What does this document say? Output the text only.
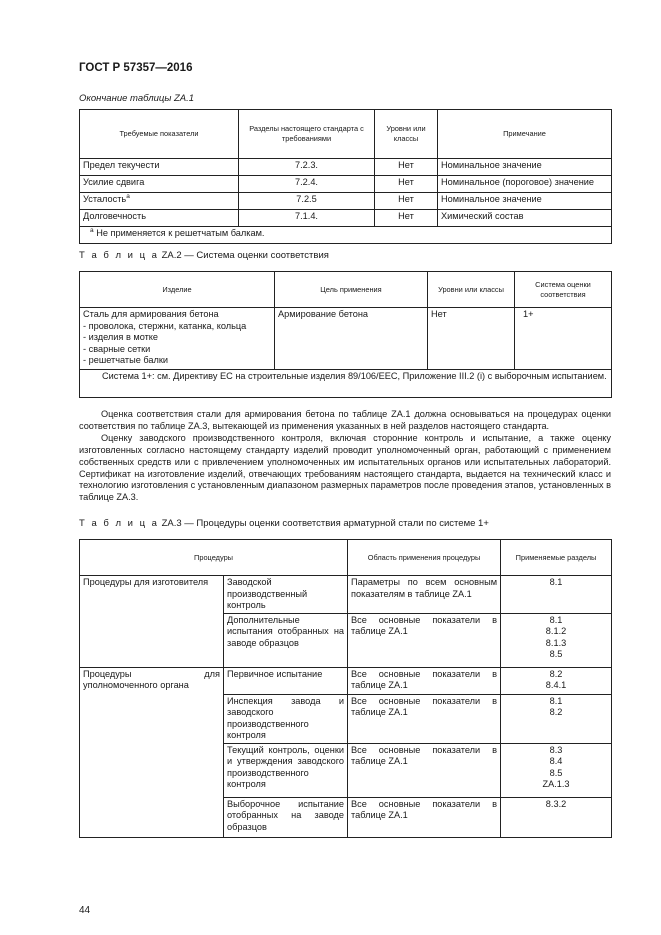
ГОСТ Р 57357—2016
Окончание таблицы ZA.1
Требуемые показатели	Разделы настоящего стандарта с требованиями	Уровни или классы	Примечание
Предел текучести	7.2.3.	Нет	Номинальное значение
Усилие сдвига	7.2.4.	Нет	Номинальное (пороговое) значение
Усталость$^а$	7.2.5	Нет	Номинальное значение
Долговечность	7.1.4.	Нет	Химический состав
$^а$ Не применяется к решетчатым балкам.			
Т а б л и ц а ZA.2 — Система оценки соответствия
Изделие	Цель применения	Уровни или классы	Система оценки соответствия

Сталь для армирования бетона
- проволока, стержни, катанка, кольца
- изделия в мотке
- сварные сетки
- решетчатые балки	Армирование бетона	Нет	1+
Система 1+: см. Директиву ЕС на строительные изделия 89/106/ЕЕС, Приложение III.2 (i) с выборочным испытанием.			

Оценка соответствия стали для армирования бетона по таблице ZA.1 должна основываться на процедурах оценки соответствия по таблице ZA.3, вытекающей из применения указанных в ней разделов настоящего стандарта.

Оценку заводского производственного контроля, включая сторонние контроль и испытание, а также оценку изготовленных согласно настоящему стандарту изделий проводит уполномоченный орган, работающий с применением собственных средств или с привлечением уполномоченных им испытательных органов или испытательных лабораторий. Сертификат на изготовление изделий, отвечающих требованиям настоящего стандарта, выдается на технический класс и технологию изготовления с установленным диапазоном размерных параметров после проведения этапов, установленных в таблице ZA.3.

Т а б л и ц а ZA.3 — Процедуры оценки соответствия арматурной стали по системе 1+
Процедуры		Область применения процедуры	Применяемые разделы
Процедуры для изготовителя	Заводской производственный контроль	Параметры по всем основным показателям в таблице ZA.1	8.1

	Дополнительные испытания отобранных на заводе образцов	Все основные показатели в таблице ZA.1	8.1
8.1.2
8.1.3
8.5

Процедуры для уполномоченного органа	Первичное испытание	Все основные показатели в таблице ZA.1	8.2
8.4.1

	Инспекция завода и заводского производственного контроля	Все основные показатели в таблице ZA.1	8.1
8.2

	Текущий контроль, оценки и утверждения заводского производственного контроля	Все основные показатели в таблице ZA.1	8.3
8.4
8.5
ZA.1.3

	Выборочное испытание отобранных на заводе образцов	Все основные показатели в таблице ZA.1	8.3.2
44
